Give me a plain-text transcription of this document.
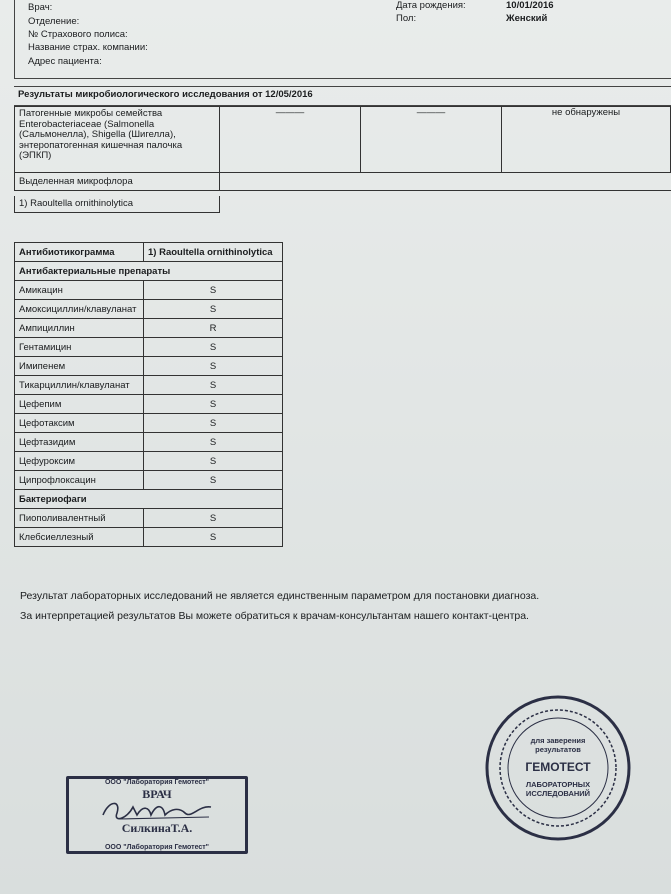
Врач:
Отделение:
№ Страхового полиса:
Название страх. компании:
Адрес пациента:
Дата рождения:	10/01/2016
Пол:	Женский
Результаты микробиологического исследования от 12/05/2016
Патогенные микробы семейства Enterobacteriaceae (Salmonella (Сальмонелла), Shigella (Шигелла), энтеропатогенная кишечная палочка (ЭПКП)	———	———	не обнаружены
Выделенная микрофлора			
1) Raoultella ornithinolytica
Антибиотикограмма	1) Raoultella ornithinolytica
Антибактериальные препараты	
Амикацин	S
Амоксициллин/клавуланат	S
Ампициллин	R
Гентамицин	S
Имипенем	S
Тикарциллин/клавуланат	S
Цефепим	S
Цефотаксим	S
Цефтазидим	S
Цефуроксим	S
Ципрофлоксацин	S
Бактериофаги	
Пиополивалентный	S
Клебсиеллезный	S
Результат лабораторных исследований не является единственным параметром для постановки диагноза.
За интерпретацией результатов Вы можете обратиться к врачам-консультантам нашего контакт-центра.
ООО "Лаборатория Гемотест"
ВРАЧ
СилкинаТ.А.
ООО "Лаборатория Гемотест"
для заверения результатов
ГЕМОТЕСТ
ЛАБОРАТОРНЫХ ИССЛЕДОВАНИЙ
